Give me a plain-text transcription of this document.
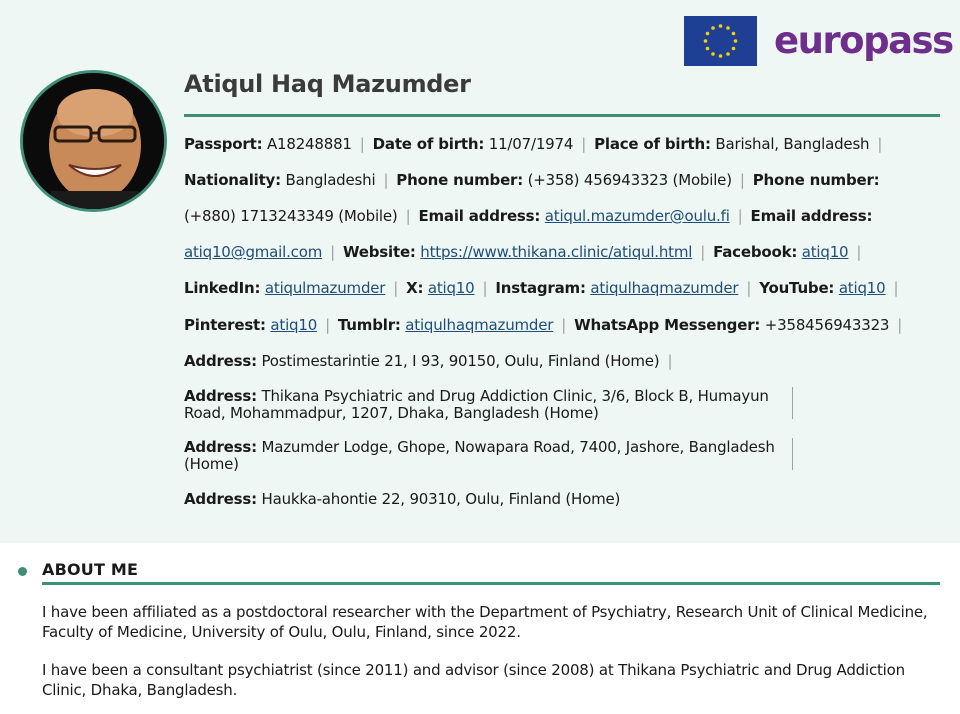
europass
Atiqul Haq Mazumder
Passport: A18248881 | Date of birth: 11/07/1974 | Place of birth: Barishal, Bangladesh |
Nationality: Bangladeshi | Phone number: (+358) 456943323 (Mobile) | Phone number:
(+880) 1713243349 (Mobile) | Email address: atiqul.mazumder@oulu.fi | Email address:
atiq10@gmail.com | Website: https://www.thikana.clinic/atiqul.html | Facebook: atiq10 |
LinkedIn: atiqulmazumder | X: atiq10 | Instagram: atiqulhaqmazumder | YouTube: atiq10 |
Pinterest: atiq10 | Tumblr: atiqulhaqmazumder | WhatsApp Messenger: +358456943323 |
Address: Postimestarintie 21, I 93, 90150, Oulu, Finland (Home) |
Address: Thikana Psychiatric and Drug Addiction Clinic, 3/6, Block B, Humayun Road, Mohammadpur, 1207, Dhaka, Bangladesh (Home)
Address: Mazumder Lodge, Ghope, Nowapara Road, 7400, Jashore, Bangladesh (Home)
Address: Haukka-ahontie 22, 90310, Oulu, Finland (Home)
ABOUT ME
I have been affiliated as a postdoctoral researcher with the Department of Psychiatry, Research Unit of Clinical Medicine, Faculty of Medicine, University of Oulu, Oulu, Finland, since 2022.
I have been a consultant psychiatrist (since 2011) and advisor (since 2008) at Thikana Psychiatric and Drug Addiction Clinic, Dhaka, Bangladesh.
